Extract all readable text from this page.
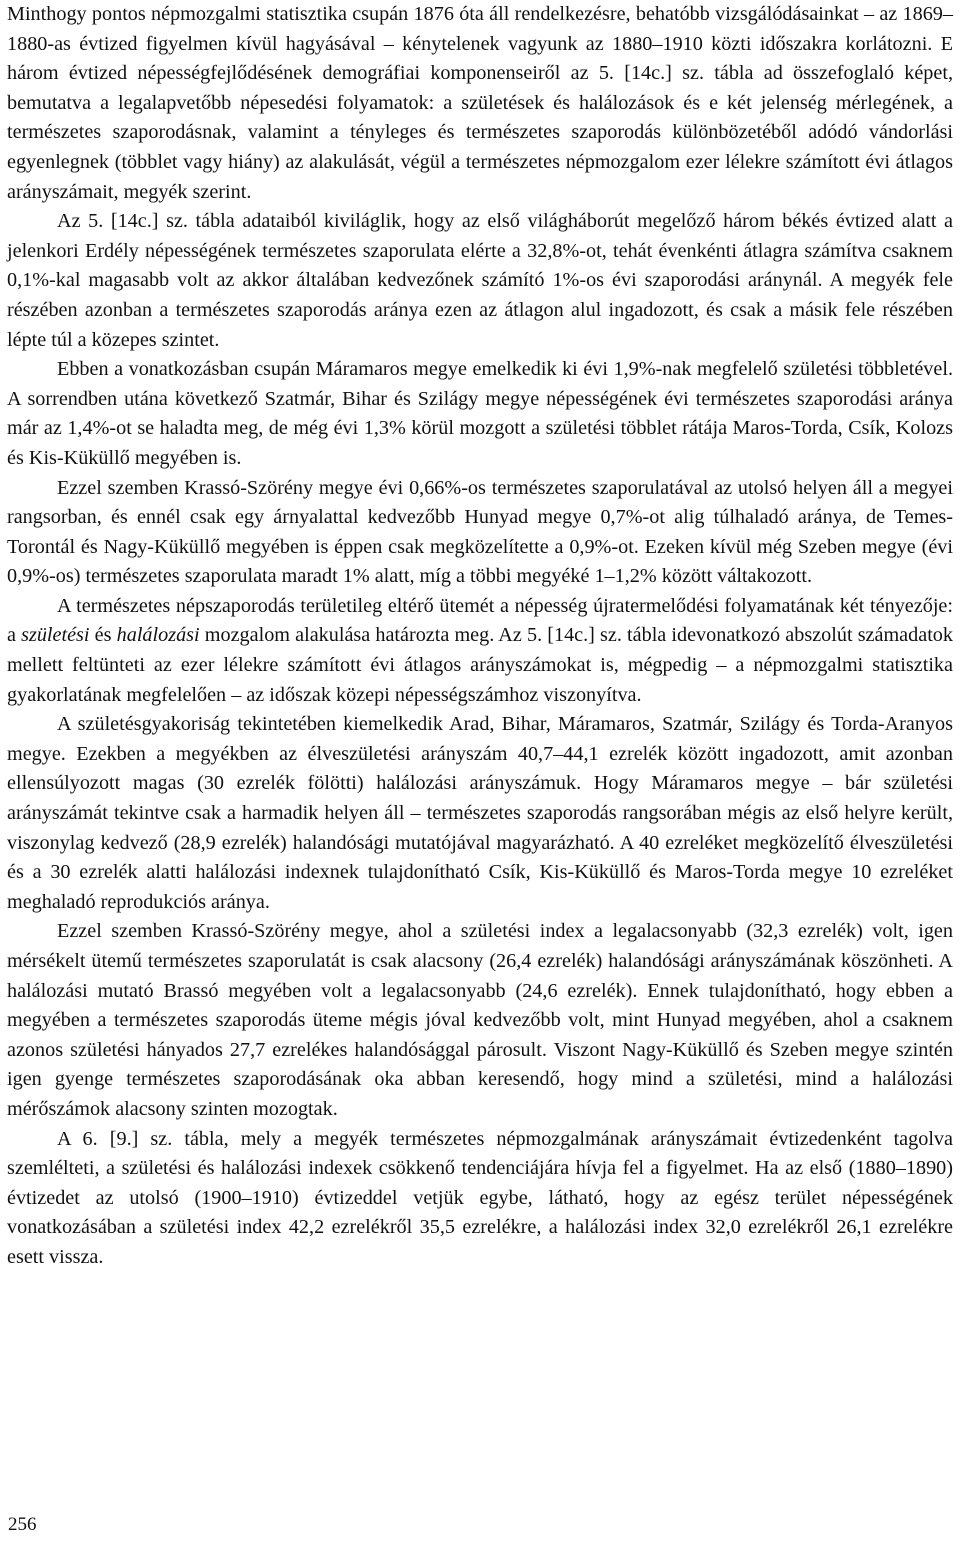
Minthogy pontos népmozgalmi statisztika csupán 1876 óta áll rendelkezésre, behatóbb vizsgálódásainkat – az 1869–1880-as évtized figyelmen kívül hagyásával – kénytelenek vagyunk az 1880–1910 közti időszakra korlátozni. E három évtized népességfejlődésének demográfiai komponenseiről az 5. [14c.] sz. tábla ad összefoglaló képet, bemutatva a legalapvetőbb népesedési folyamatok: a születések és halálozások és e két jelenség mérlegének, a természetes szaporodásnak, valamint a tényleges és természetes szaporodás különbözetéből adódó vándorlási egyenlegnek (többlet vagy hiány) az alakulását, végül a természetes népmozgalom ezer lélekre számított évi átlagos arányszámait, megyék szerint.

Az 5. [14c.] sz. tábla adataiból kiviláglik, hogy az első világháborút megelőző három békés évtized alatt a jelenkori Erdély népességének természetes szaporulata elérte a 32,8%-ot, tehát évenkénti átlagra számítva csaknem 0,1%-kal magasabb volt az akkor általában kedvezőnek számító 1%-os évi szaporodási aránynál. A megyék fele részében azonban a természetes szaporodás aránya ezen az átlagon alul ingadozott, és csak a másik fele részében lépte túl a közepes szintet.

Ebben a vonatkozásban csupán Máramaros megye emelkedik ki évi 1,9%-nak megfelelő születési többletével. A sorrendben utána következő Szatmár, Bihar és Szilágy megye népességének évi természetes szaporodási aránya már az 1,4%-ot se haladta meg, de még évi 1,3% körül mozgott a születési többlet rátája Maros-Torda, Csík, Kolozs és Kis-Küküllő megyében is.

Ezzel szemben Krassó-Szörény megye évi 0,66%-os természetes szaporulatával az utolsó helyen áll a megyei rangsorban, és ennél csak egy árnyalattal kedvezőbb Hunyad megye 0,7%-ot alig túlhaladó aránya, de Temes-Torontál és Nagy-Küküllő megyében is éppen csak megközelítette a 0,9%-ot. Ezeken kívül még Szeben megye (évi 0,9%-os) természetes szaporulata maradt 1% alatt, míg a többi megyéké 1–1,2% között váltakozott.

A természetes népszaporodás területileg eltérő ütemét a népesség újratermelődési folyamatának két tényezője: a születési és halálozási mozgalom alakulása határozta meg. Az 5. [14c.] sz. tábla idevonatkozó abszolút számadatok mellett feltünteti az ezer lélekre számított évi átlagos arányszámokat is, mégpedig – a népmozgalmi statisztika gyakorlatának megfelelően – az időszak közepi népességszámhoz viszonyítva.

A születésgyakoriság tekintetében kiemelkedik Arad, Bihar, Máramaros, Szatmár, Szilágy és Torda-Aranyos megye. Ezekben a megyékben az élveszületési arányszám 40,7–44,1 ezrelék között ingadozott, amit azonban ellensúlyozott magas (30 ezrelék fölötti) halálozási arányszámuk. Hogy Máramaros megye – bár születési arányszámát tekintve csak a harmadik helyen áll – természetes szaporodás rangsorában mégis az első helyre került, viszonylag kedvező (28,9 ezrelék) halandósági mutatójával magyarázható. A 40 ezreléket megközelítő élveszületési és a 30 ezrelék alatti halálozási indexnek tulajdonítható Csík, Kis-Küküllő és Maros-Torda megye 10 ezreléket meghaladó reprodukciós aránya.

Ezzel szemben Krassó-Szörény megye, ahol a születési index a legalacsonyabb (32,3 ezrelék) volt, igen mérsékelt ütemű természetes szaporulatát is csak alacsony (26,4 ezrelék) halandósági arányszámának köszönheti. A halálozási mutató Brassó megyében volt a legalacsonyabb (24,6 ezrelék). Ennek tulajdonítható, hogy ebben a megyében a természetes szaporodás üteme mégis jóval kedvezőbb volt, mint Hunyad megyében, ahol a csaknem azonos születési hányados 27,7 ezrelékes halandósággal párosult. Viszont Nagy-Küküllő és Szeben megye szintén igen gyenge természetes szaporodásának oka abban keresendő, hogy mind a születési, mind a halálozási mérőszámok alacsony szinten mozogtak.

A 6. [9.] sz. tábla, mely a megyék természetes népmozgalmának arányszámait évtizedenként tagolva szemlélteti, a születési és halálozási indexek csökkenő tendenciájára hívja fel a figyelmet. Ha az első (1880–1890) évtizedet az utolsó (1900–1910) évtizeddel vetjük egybe, látható, hogy az egész terület népességének vonatkozásában a születési index 42,2 ezrelékről 35,5 ezrelékre, a halálozási index 32,0 ezrelékről 26,1 ezrelékre esett vissza.

256
